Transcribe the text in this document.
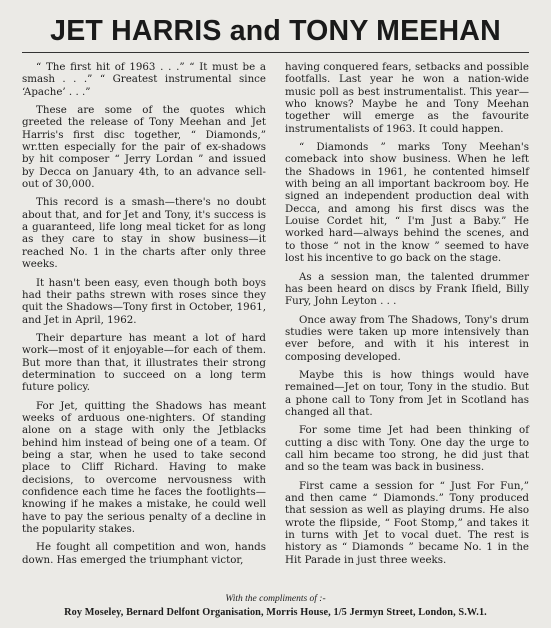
JET HARRIS and TONY MEEHAN

“ The first hit of 1963 . . .” “ It must be a smash . . .” “ Greatest instrumental since ‘Apache’ . . .”

These are some of the quotes which greeted the release of Tony Meehan and Jet Harris's first disc together, “ Diamonds,” wr.tten especially for the pair of ex-shadows by hit composer “ Jerry Lordan ” and issued by Decca on January 4th, to an advance sell-out of 30,000.

This record is a smash—there's no doubt about that, and for Jet and Tony, it's success is a guaranteed, life long meal ticket for as long as they care to stay in show business—it reached No. 1 in the charts after only three weeks.

It hasn't been easy, even though both boys had their paths strewn with roses since they quit the Shadows—Tony first in October, 1961, and Jet in April, 1962.

Their departure has meant a lot of hard work—most of it enjoyable—for each of them. But more than that, it illustrates their strong determination to succeed on a long term future policy.

For Jet, quitting the Shadows has meant weeks of arduous one-nighters. Of standing alone on a stage with only the Jetblacks behind him instead of being one of a team. Of being a star, when he used to take second place to Cliff Richard. Having to make decisions, to overcome nervousness with confidence each time he faces the footlights—knowing if he makes a mistake, he could well have to pay the serious penalty of a decline in the popularity stakes.

He fought all competition and won, hands down. Has emerged the triumphant victor,

having conquered fears, setbacks and possible footfalls. Last year he won a nation-wide music poll as best instrumentalist. This year—who knows? Maybe he and Tony Meehan together will emerge as the favourite instrumentalists of 1963. It could happen.

“ Diamonds ” marks Tony Meehan's comeback into show business. When he left the Shadows in 1961, he contented himself with being an all important backroom boy. He signed an independent production deal with Decca, and among his first discs was the Louise Cordet hit, “ I'm Just a Baby.” He worked hard—always behind the scenes, and to those “ not in the know ” seemed to have lost his incentive to go back on the stage.

As a session man, the talented drummer has been heard on discs by Frank Ifield, Billy Fury, John Leyton . . .

Once away from The Shadows, Tony's drum studies were taken up more intensively than ever before, and with it his interest in composing developed.

Maybe this is how things would have remained—Jet on tour, Tony in the studio. But a phone call to Tony from Jet in Scotland has changed all that.

For some time Jet had been thinking of cutting a disc with Tony. One day the urge to call him became too strong, he did just that and so the team was back in business.

First came a session for “ Just For Fun,” and then came “ Diamonds.” Tony produced that session as well as playing drums. He also wrote the flipside, “ Foot Stomp,” and takes it in turns with Jet to vocal duet. The rest is history as “ Diamonds ” became No. 1 in the Hit Parade in just three weeks.

With the compliments of :-

Roy Moseley, Bernard Delfont Organisation, Morris House, 1/5 Jermyn Street, London, S.W.1.
